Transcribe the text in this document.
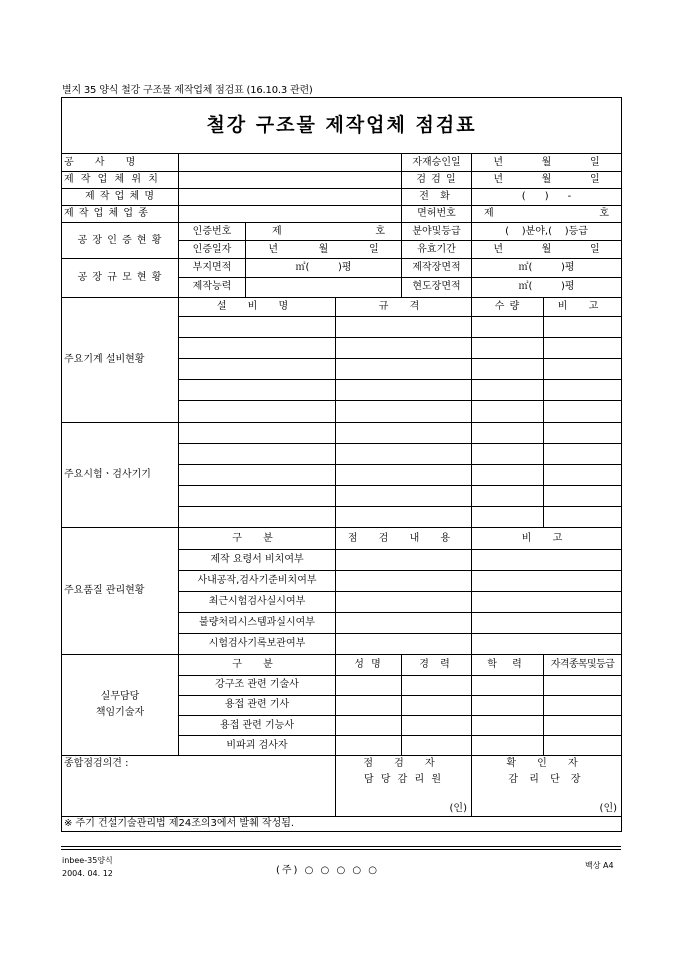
별지 35 양식 철강 구조물 제작업체 점검표 (16.10.3 관련)
철강 구조물 제작업체 점검표						
공 사 명				자재승인일	년 월 일	

제 작 업 체 위 치				검 검 일	년 월 일	

제 작 업 체 명				전 화	(      )      -	
제 작 업 체 업 종				면허번호	제 호	

공 장 인 증 현 황	인증번호	제 호		분야및등급	(    )분야,(    )등급	
	인증일자	년 월 일		유효기간	년 월 일	

공 장 규 모 현 황	부지면적	㎡(         )평		제작장면적	㎡(         )평	
	제작능력			현도장면적	㎡(         )평	
주요기계 설비현황	설 비 명		규 격		수 량	비 고

주요시험ㆍ검사기기						

주요품질 관리현황	구 분		점 검 내 용		비 고	
	제작 요령서 비치여부					
	사내공작,검사기준비치여부					
	최근시험검사실시여부					
	불량처리시스템과실시여부					
	시험검사기록보관여부					

실무담당
책임기술자	구 분		성 명	경 력	학 력	자격종목및등급
	강구조 관련 기술사					
	용접 관련 기사					
	용접 관련 기능사					
	비파괴 검사자					
종합점검의견 :			점 검 자		확 인 자	
			담 당 감 리 원		감 리 단 장	
			(인)		(인)	
※ 주기 건설기술관리법 제24조의3에서 발췌 작성됨.						
inbee-35양식
2004. 04. 12	(주) ○ ○ ○ ○ ○	백상 A4
